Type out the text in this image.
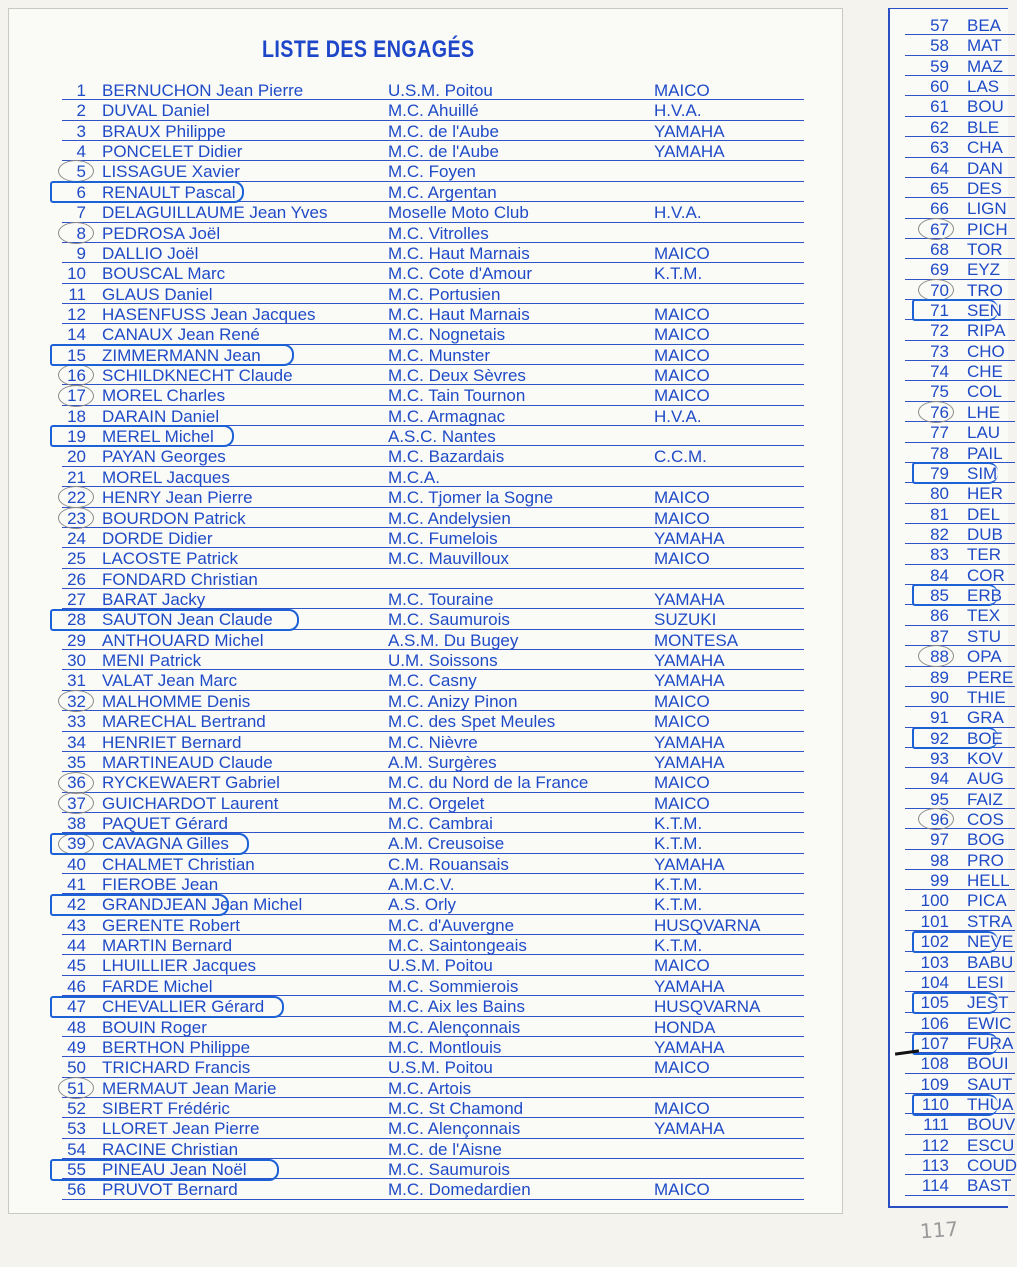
LISTE DES ENGAGÉS
1 BERNUCHON Jean Pierre	U.S.M. Poitou	MAICO
2 DUVAL Daniel	M.C. Ahuillé	H.V.A.
3 BRAUX Philippe	M.C. de l'Aube	YAMAHA
4 PONCELET Didier	M.C. de l'Aube	YAMAHA
5 LISSAGUE Xavier	M.C. Foyen
6 RENAULT Pascal	M.C. Argentan
7 DELAGUILLAUME Jean Yves	Moselle Moto Club	H.V.A.
8 PEDROSA Joël	M.C. Vitrolles
9 DALLIO Joël	M.C. Haut Marnais	MAICO
10 BOUSCAL Marc	M.C. Cote d'Amour	K.T.M.
11 GLAUS Daniel	M.C. Portusien
12 HASENFUSS Jean Jacques	M.C. Haut Marnais	MAICO
14 CANAUX Jean René	M.C. Nognetais	MAICO
15 ZIMMERMANN Jean	M.C. Munster	MAICO
16 SCHILDKNECHT Claude	M.C. Deux Sèvres	MAICO
17 MOREL Charles	M.C. Tain Tournon	MAICO
18 DARAIN Daniel	M.C. Armagnac	H.V.A.
19 MEREL Michel	A.S.C. Nantes
20 PAYAN Georges	M.C. Bazardais	C.C.M.
21 MOREL Jacques	M.C.A.
22 HENRY Jean Pierre	M.C. Tjomer la Sogne	MAICO
23 BOURDON Patrick	M.C. Andelysien	MAICO
24 DORDE Didier	M.C. Fumelois	YAMAHA
25 LACOSTE Patrick	M.C. Mauvilloux	MAICO
26 FONDARD Christian
27 BARAT Jacky	M.C. Touraine	YAMAHA
28 SAUTON Jean Claude	M.C. Saumurois	SUZUKI
29 ANTHOUARD Michel	A.S.M. Du Bugey	MONTESA
30 MENI Patrick	U.M. Soissons	YAMAHA
31 VALAT Jean Marc	M.C. Casny	YAMAHA
32 MALHOMME Denis	M.C. Anizy Pinon	MAICO
33 MARECHAL Bertrand	M.C. des Spet Meules	MAICO
34 HENRIET Bernard	M.C. Nièvre	YAMAHA
35 MARTINEAUD Claude	A.M. Surgères	YAMAHA
36 RYCKEWAERT Gabriel	M.C. du Nord de la France	MAICO
37 GUICHARDOT Laurent	M.C. Orgelet	MAICO
38 PAQUET Gérard	M.C. Cambrai	K.T.M.
39 CAVAGNA Gilles	A.M. Creusoise	K.T.M.
40 CHALMET Christian	C.M. Rouansais	YAMAHA
41 FIEROBE Jean	A.M.C.V.	K.T.M.
42 GRANDJEAN Jean Michel	A.S. Orly	K.T.M.
43 GERENTE Robert	M.C. d'Auvergne	HUSQVARNA
44 MARTIN Bernard	M.C. Saintongeais	K.T.M.
45 LHUILLIER Jacques	U.S.M. Poitou	MAICO
46 FARDE Michel	M.C. Sommierois	YAMAHA
47 CHEVALLIER Gérard	M.C. Aix les Bains	HUSQVARNA
48 BOUIN Roger	M.C. Alençonnais	HONDA
49 BERTHON Philippe	M.C. Montlouis	YAMAHA
50 TRICHARD Francis	U.S.M. Poitou	MAICO
51 MERMAUT Jean Marie	M.C. Artois
52 SIBERT Frédéric	M.C. St Chamond	MAICO
53 LLORET Jean Pierre	M.C. Alençonnais	YAMAHA
54 RACINE Christian	M.C. de l'Aisne
55 PINEAU Jean Noël	M.C. Saumurois
56 PRUVOT Bernard	M.C. Domedardien	MAICO
57 BEA
58 MAT
59 MAZ
60 LAS
61 BOU
62 BLE
63 CHA
64 DAN
65 DES
66 LIGN
67 PICH
68 TOR
69 EYZ
70 TRO
71 SEN
72 RIPA
73 CHO
74 CHE
75 COL
76 LHE
77 LAU
78 PAIL
79 SIM
80 HER
81 DEL
82 DUB
83 TER
84 COR
85 ERB
86 TEX
87 STU
88 OPA
89 PERE
90 THIE
91 GRA
92 BOE
93 KOV
94 AUG
95 FAIZ
96 COS
97 BOG
98 PRO
99 HELL
100 PICA
101 STRA
102 NEVE
103 BABU
104 LESI
105 JEST
106 EWIC
107 FURA
108 BOUI
109 SAUT
110 THUA
111 BOUV
112 ESCU
113 COUD
114 BAST
117
